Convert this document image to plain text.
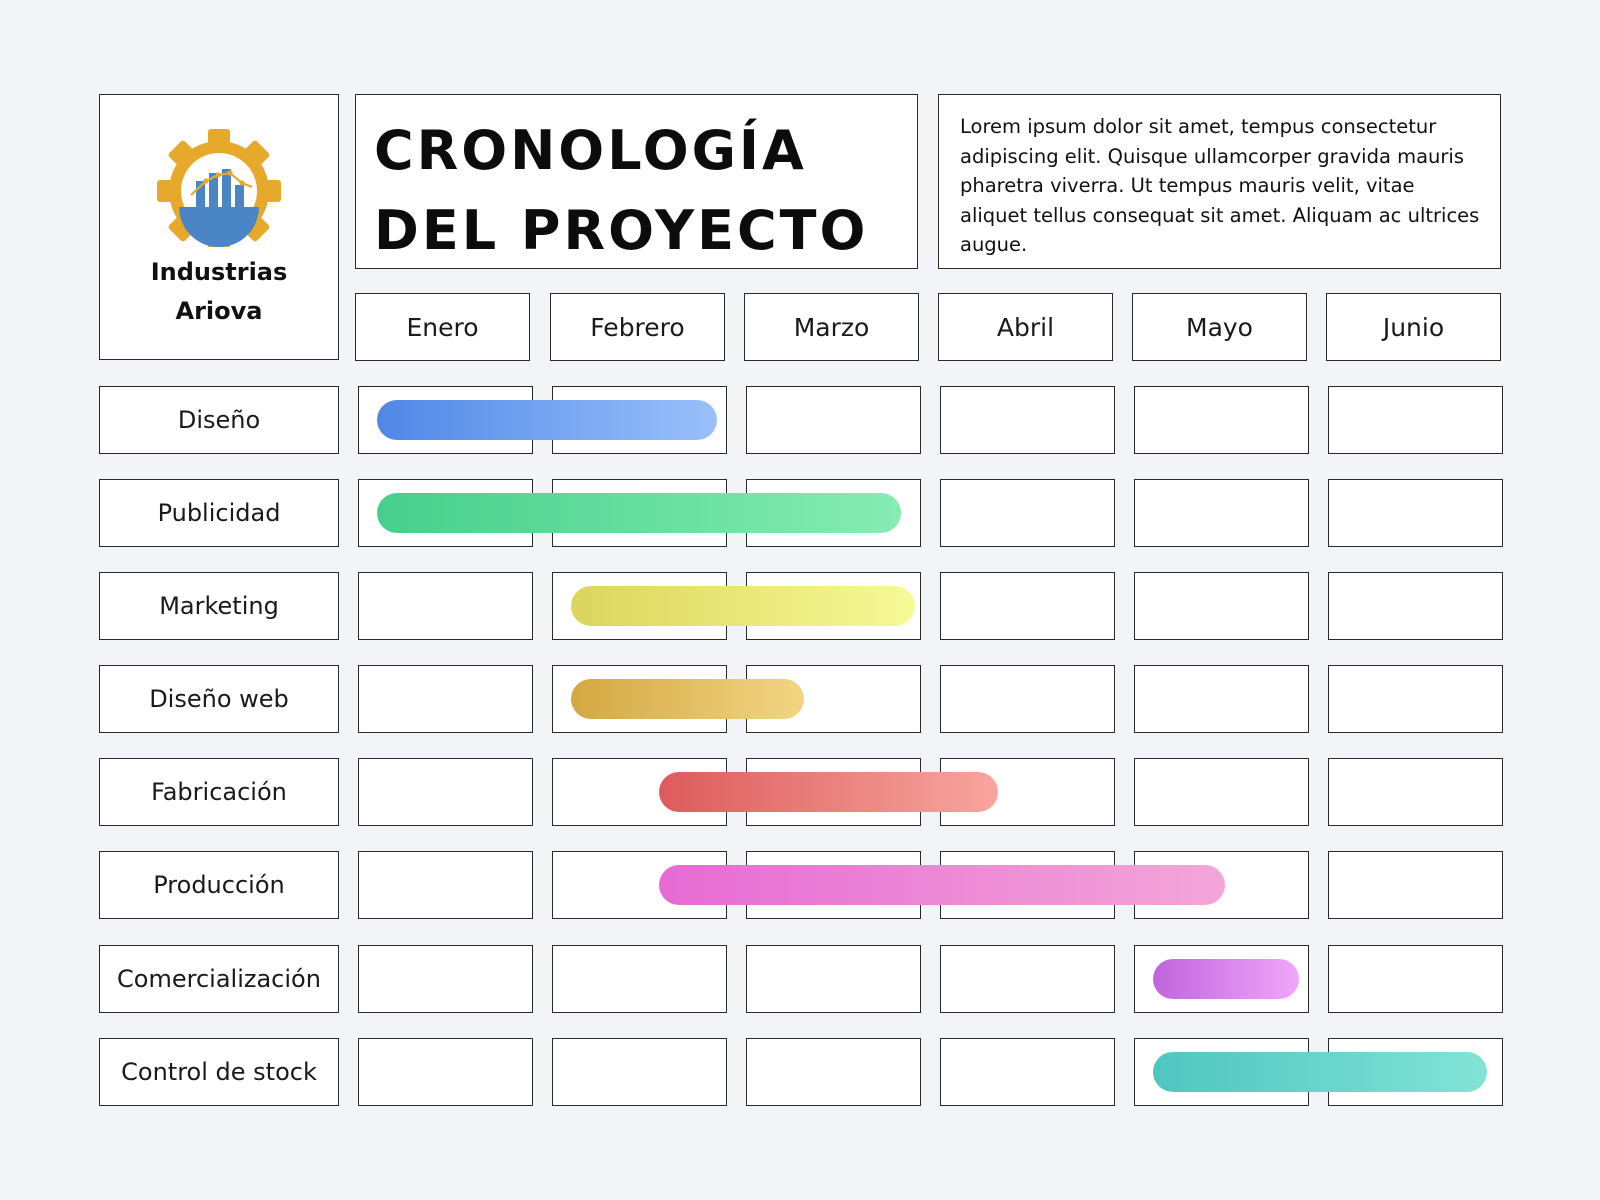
Industrias
Ariova
CRONOLOGÍA
DEL PROYECTO
Lorem ipsum dolor sit amet, tempus consectetur adipiscing elit. Quisque ullamcorper gravida mauris pharetra viverra. Ut tempus mauris velit, vitae aliquet tellus consequat sit amet. Aliquam ac ultrices augue.
Enero	Febrero	Marzo	Abril	Mayo	Junio
Diseño
Publicidad
Marketing
Diseño web
Fabricación
Producción
Comercialización
Control de stock
